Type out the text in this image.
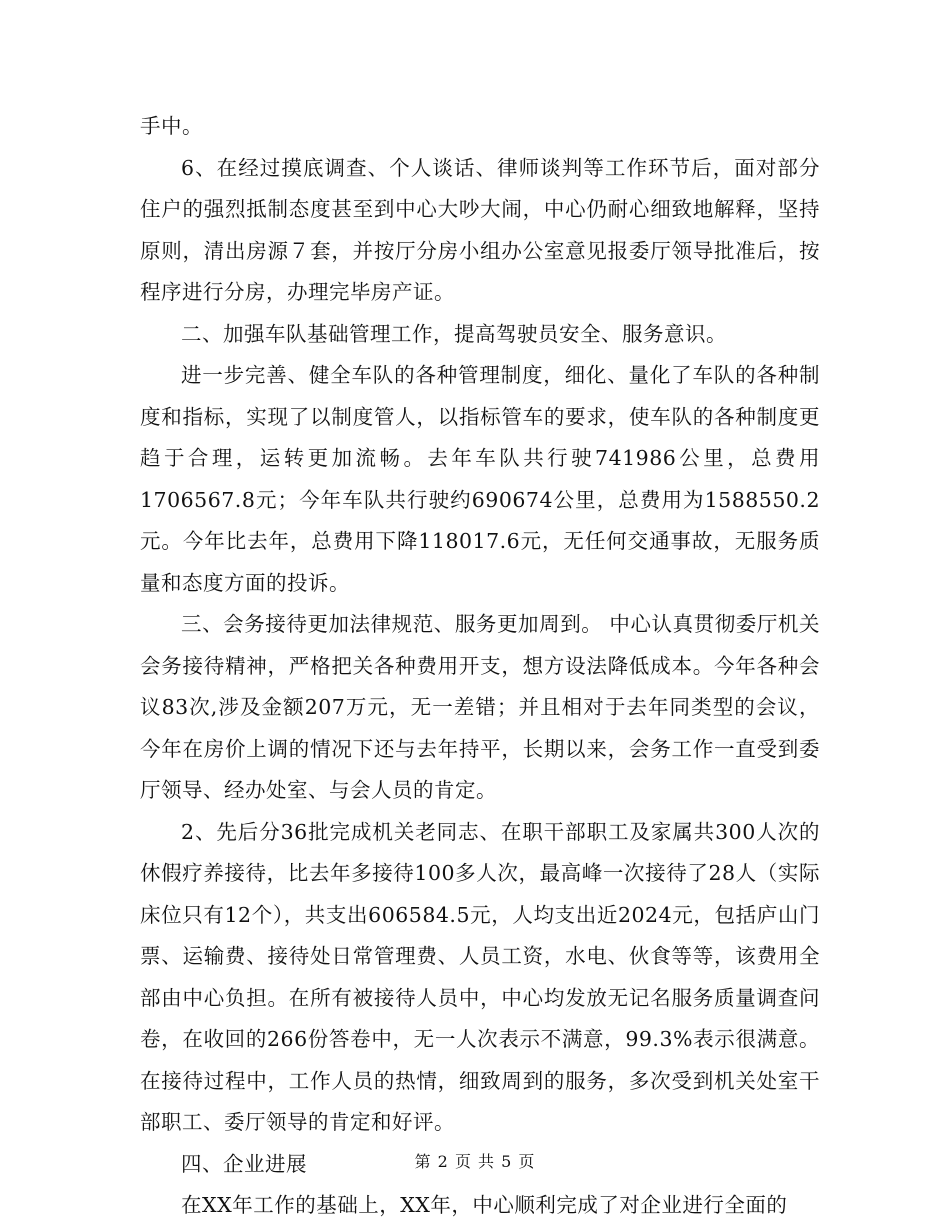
手中。

6、在经过摸底调查、个人谈话、律师谈判等工作环节后，面对部分住户的强烈抵制态度甚至到中心大吵大闹，中心仍耐心细致地解释，坚持原则，清出房源７套，并按厅分房小组办公室意见报委厅领导批准后，按程序进行分房，办理完毕房产证。

二、加强车队基础管理工作，提高驾驶员安全、服务意识。

进一步完善、健全车队的各种管理制度，细化、量化了车队的各种制度和指标，实现了以制度管人，以指标管车的要求，使车队的各种制度更趋于合理，运转更加流畅。去年车队共行驶741986公里，总费用1706567.8元；今年车队共行驶约690674公里，总费用为1588550.2元。今年比去年，总费用下降118017.6元，无任何交通事故，无服务质量和态度方面的投诉。

三、会务接待更加法律规范、服务更加周到。 中心认真贯彻委厅机关会务接待精神，严格把关各种费用开支，想方设法降低成本。今年各种会议83次,涉及金额207万元，无一差错；并且相对于去年同类型的会议，今年在房价上调的情况下还与去年持平，长期以来，会务工作一直受到委厅领导、经办处室、与会人员的肯定。

2、先后分36批完成机关老同志、在职干部职工及家属共300人次的休假疗养接待，比去年多接待100多人次，最高峰一次接待了28人（实际床位只有12个），共支出606584.5元，人均支出近2024元，包括庐山门票、运输费、接待处日常管理费、人员工资，水电、伙食等等，该费用全部由中心负担。在所有被接待人员中，中心均发放无记名服务质量调查问卷，在收回的266份答卷中，无一人次表示不满意，99.3%表示很满意。在接待过程中，工作人员的热情，细致周到的服务，多次受到机关处室干部职工、委厅领导的肯定和好评。

四、企业进展

在XX年工作的基础上，XX年，中心顺利完成了对企业进行全面的

第 2 页 共 5 页
